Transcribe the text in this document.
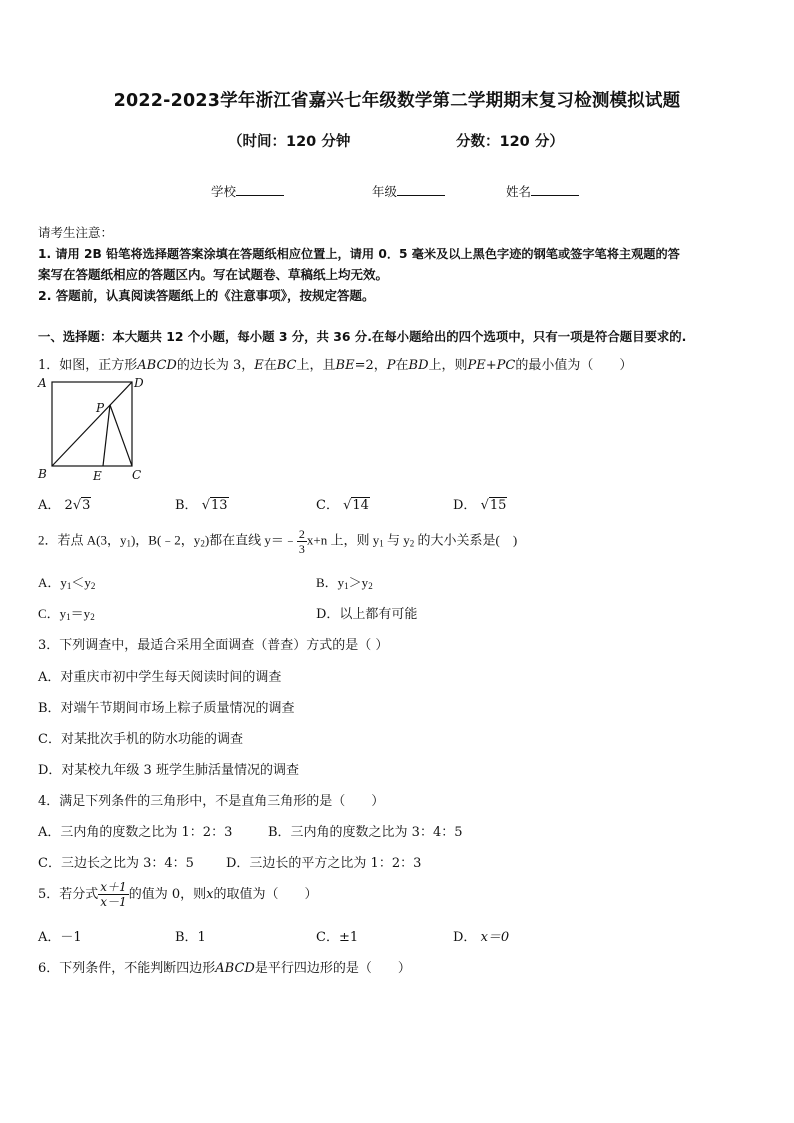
2022-2023学年浙江省嘉兴七年级数学第二学期期末复习检测模拟试题
（时间：120 分钟	分数：120 分）
学校	年级	姓名
请考生注意：
1. 请用 2B 铅笔将选择题答案涂填在答题纸相应位置上，请用 0．5 毫米及以上黑色字迹的钢笔或签字笔将主观题的答
案写在答题纸相应的答题区内。写在试题卷、草稿纸上均无效。
2. 答题前，认真阅读答题纸上的《注意事项》，按规定答题。
一、选择题：本大题共 12 个小题，每小题 3 分，共 36 分.在每小题给出的四个选项中，只有一项是符合题目要求的.
1．如图，正方形ABCD的边长为 3，E在BC上，且BE=2，P在BD上，则PE+PC的最小值为（　　）
A	D
B	C
E
P
A． 2√3	B． √13	C． √14	D． √15
2．若点 A(3，$y_1$)，B(﹣2，$y_2$)都在直线 y＝﹣ $\frac{2}{3} x+n$ 上，则 $y_1$ 与 $y_2$ 的大小关系是(　)
A．$y_1<y_2$	B．$y_1>y_2$
C．$y_1=y_2$	D．以上都有可能
3．下列调查中，最适合采用全面调查（普查）方式的是（ ）
A．对重庆市初中学生每天阅读时间的调查
B．对端午节期间市场上粽子质量情况的调查
C．对某批次手机的防水功能的调查
D．对某校九年级 3 班学生肺活量情况的调查
4．满足下列条件的三角形中，不是直角三角形的是（　　）
A．三内角的度数之比为 1：2：3	B．三内角的度数之比为 3：4：5
C．三边长之比为 3：4：5 D．三边长的平方之比为 1：2：3
5．若分式 $\frac{x+1}{x-1}$ 的值为 0，则x的取值为（　　）
A．－1	B．1	C．±1	D． x＝0
6．下列条件，不能判断四边形ABCD是平行四边形的是（　　）
